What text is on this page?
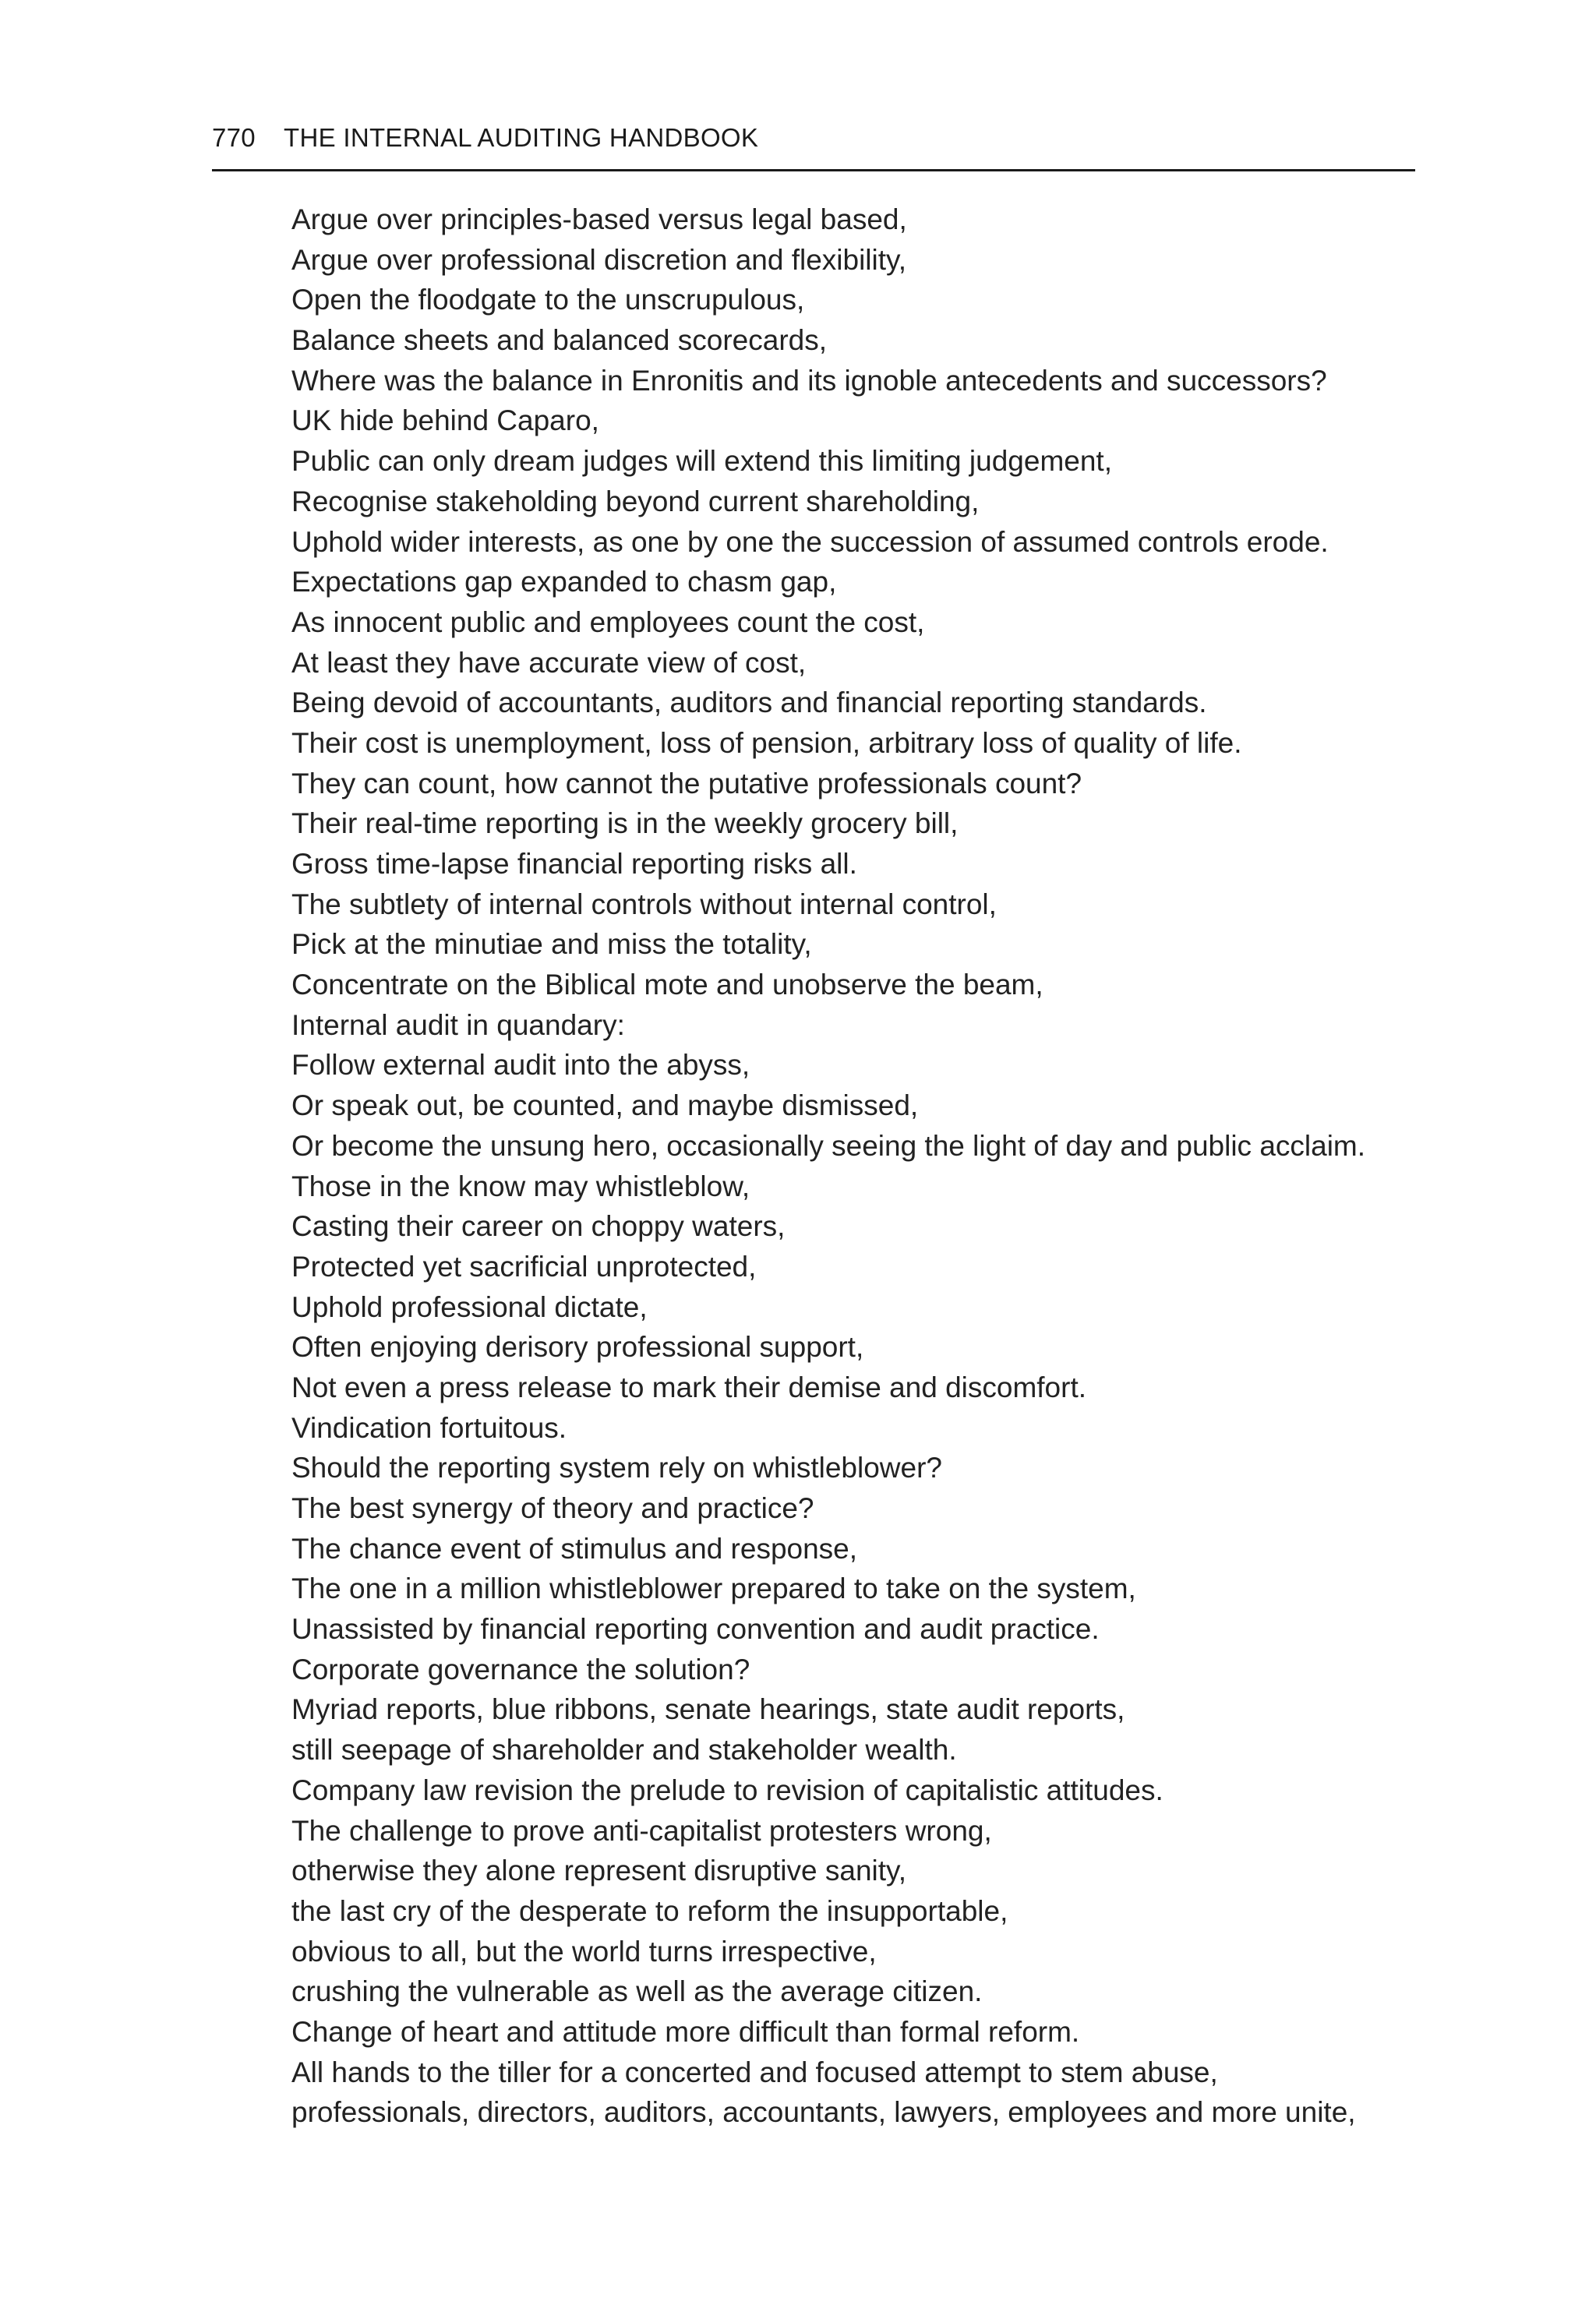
770 THE INTERNAL AUDITING HANDBOOK
Argue over principles-based versus legal based,
Argue over professional discretion and flexibility,
Open the floodgate to the unscrupulous,
Balance sheets and balanced scorecards,
Where was the balance in Enronitis and its ignoble antecedents and successors?
UK hide behind Caparo,
Public can only dream judges will extend this limiting judgement,
Recognise stakeholding beyond current shareholding,
Uphold wider interests, as one by one the succession of assumed controls erode.
Expectations gap expanded to chasm gap,
As innocent public and employees count the cost,
At least they have accurate view of cost,
Being devoid of accountants, auditors and financial reporting standards.
Their cost is unemployment, loss of pension, arbitrary loss of quality of life.
They can count, how cannot the putative professionals count?
Their real-time reporting is in the weekly grocery bill,
Gross time-lapse financial reporting risks all.
The subtlety of internal controls without internal control,
Pick at the minutiae and miss the totality,
Concentrate on the Biblical mote and unobserve the beam,
Internal audit in quandary:
Follow external audit into the abyss,
Or speak out, be counted, and maybe dismissed,
Or become the unsung hero, occasionally seeing the light of day and public acclaim.
Those in the know may whistleblow,
Casting their career on choppy waters,
Protected yet sacrificial unprotected,
Uphold professional dictate,
Often enjoying derisory professional support,
Not even a press release to mark their demise and discomfort.
Vindication fortuitous.
Should the reporting system rely on whistleblower?
The best synergy of theory and practice?
The chance event of stimulus and response,
The one in a million whistleblower prepared to take on the system,
Unassisted by financial reporting convention and audit practice.
Corporate governance the solution?
Myriad reports, blue ribbons, senate hearings, state audit reports,
still seepage of shareholder and stakeholder wealth.
Company law revision the prelude to revision of capitalistic attitudes.
The challenge to prove anti-capitalist protesters wrong,
otherwise they alone represent disruptive sanity,
the last cry of the desperate to reform the insupportable,
obvious to all, but the world turns irrespective,
crushing the vulnerable as well as the average citizen.
Change of heart and attitude more difficult than formal reform.
All hands to the tiller for a concerted and focused attempt to stem abuse,
professionals, directors, auditors, accountants, lawyers, employees and more unite,
